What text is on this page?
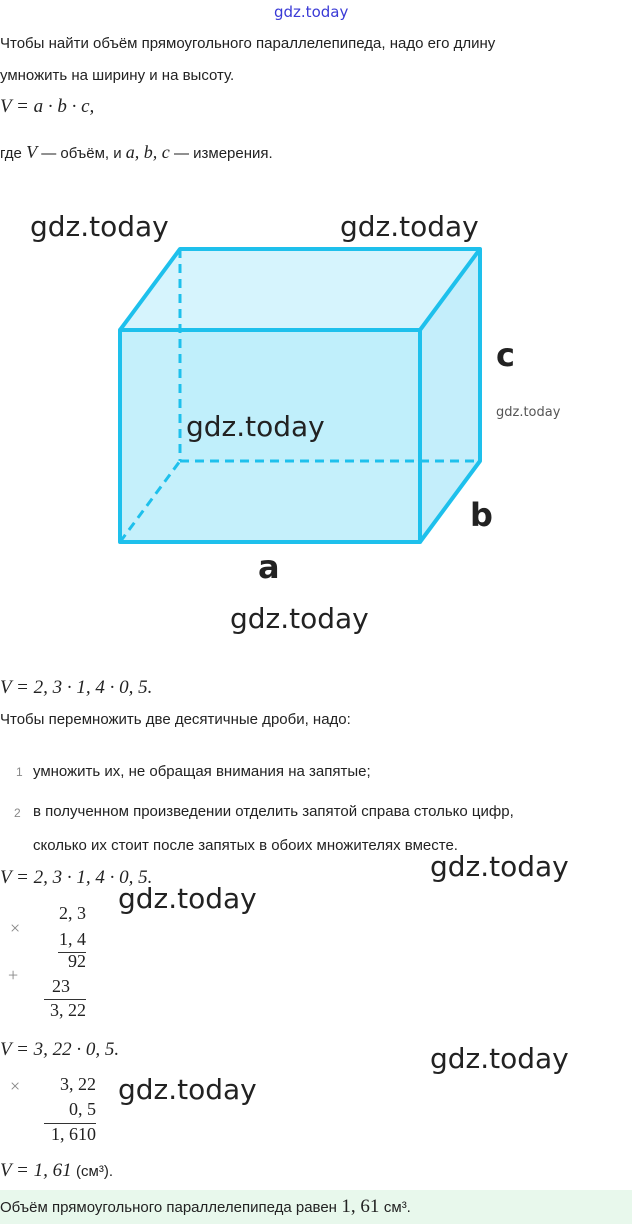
gdz.today
Чтобы найти объём прямоугольного параллелепипеда, надо его длину
умножить на ширину и на высоту.
V = a · b · c,
где V — объём, и a, b, c — измерения.
c
b
a
gdz.today	gdz.today
gdz.today	gdz.today
gdz.today
V = 2, 3 · 1, 4 · 0, 5.
Чтобы перемножить две десятичные дроби, надо:
1 умножить их, не обращая внимания на запятые;
2 в полученном произведении отделить запятой справа столько цифр,
сколько их стоит после запятых в обоих множителях вместе.
V = 2, 3 · 1, 4 · 0, 5.	gdz.today
gdz.today
×
+
2, 3
1, 4
92
23
3, 22
V = 3, 22 · 0, 5.	gdz.today
gdz.today
×	3, 22
0, 5
1, 610
V = 1, 61 (см³).
Объём прямоугольного параллелепипеда равен 1, 61 см³.
